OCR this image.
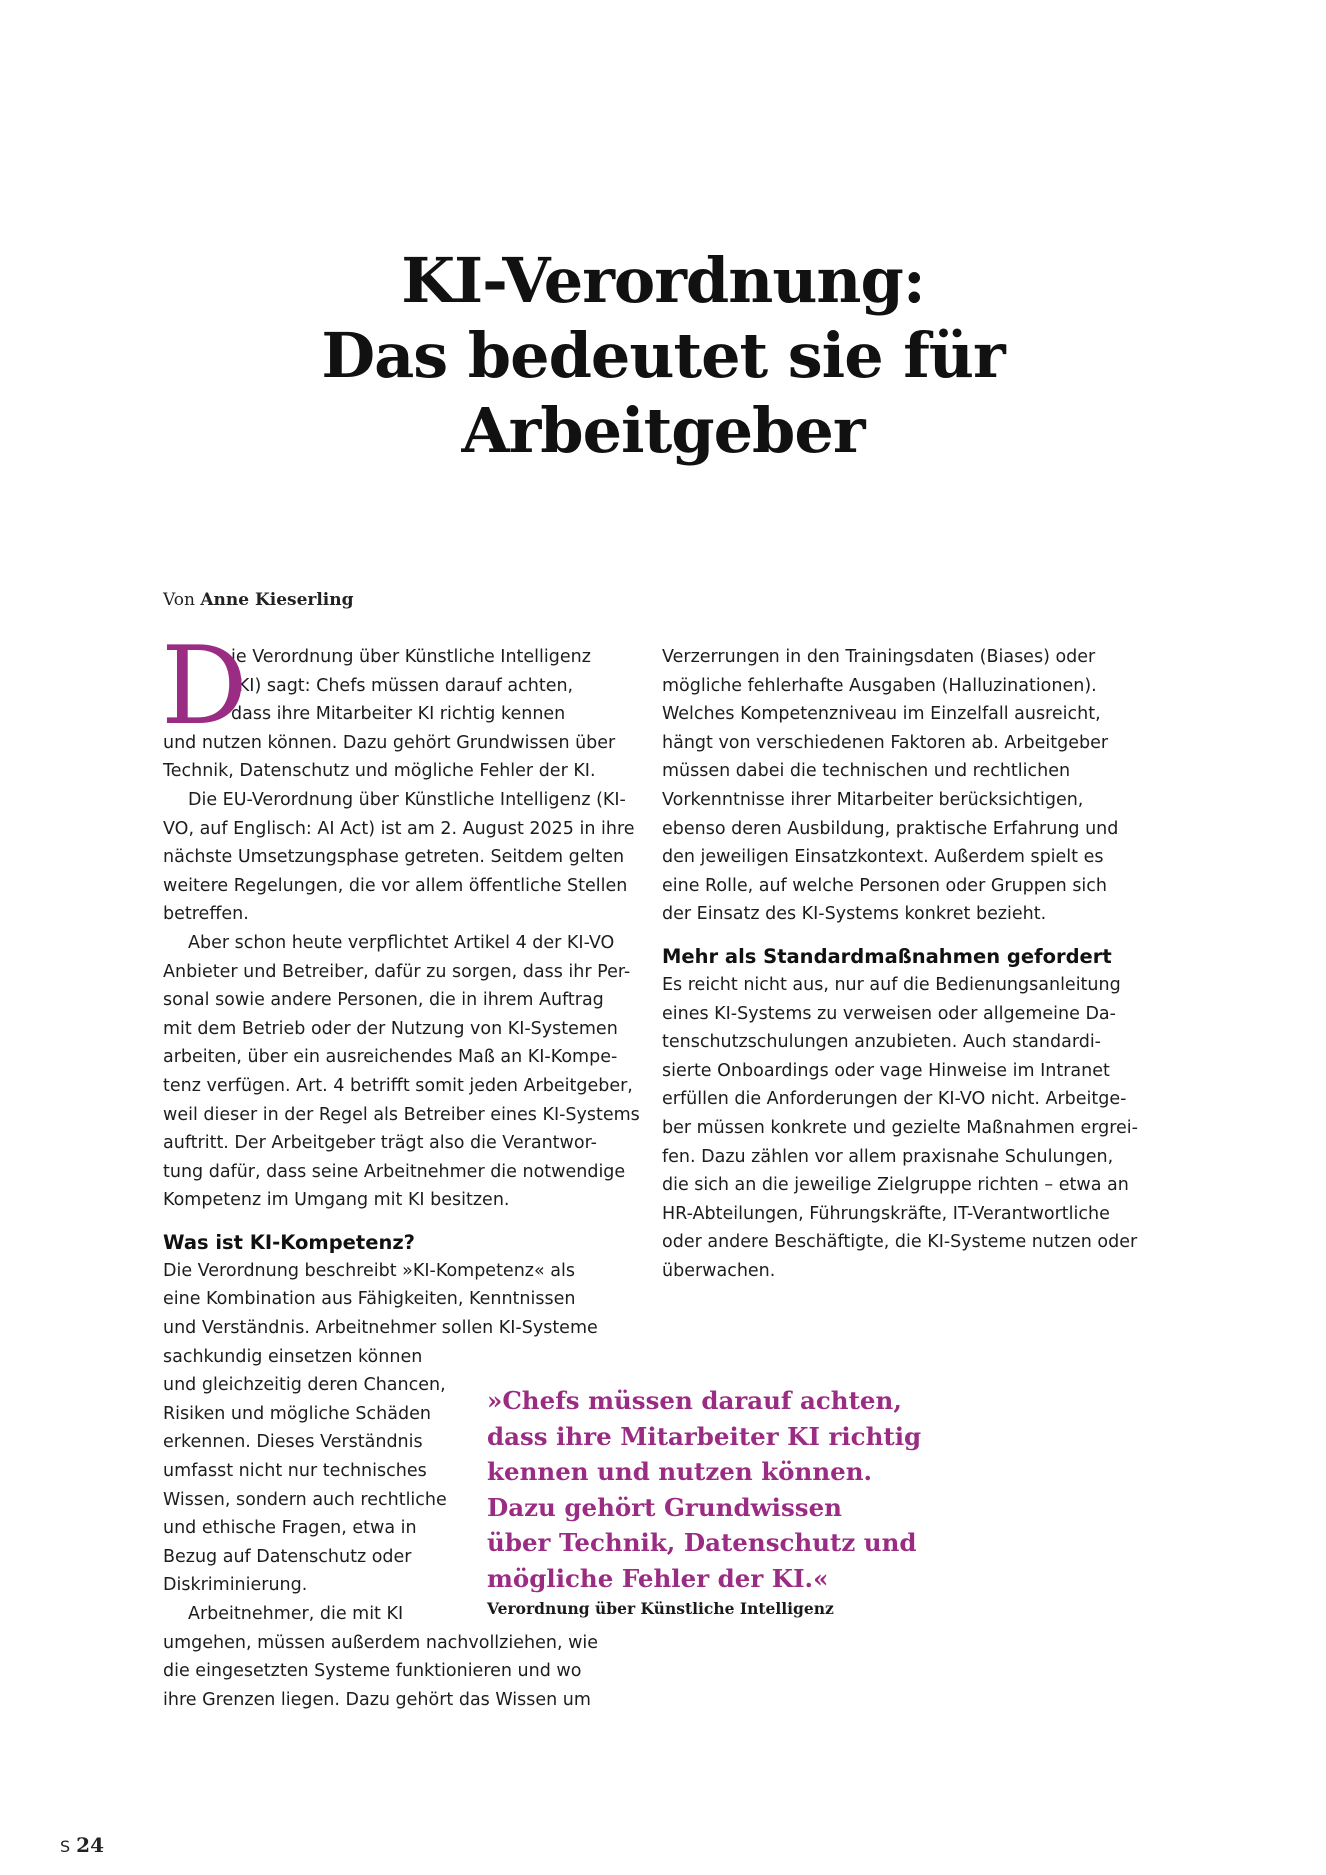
KI-Verordnung:
Das bedeutet sie für
Arbeitgeber
Von Anne Kieserling
D
ie Verordnung über Künstliche Intelligenz
(KI) sagt: Chefs müssen darauf achten,
dass ihre Mitarbeiter KI richtig kennen
und nutzen können. Dazu gehört Grundwissen über
Technik, Datenschutz und mögliche Fehler der KI.
Die EU-Verordnung über Künstliche Intelligenz (KI-
VO, auf Englisch: AI Act) ist am 2. August 2025 in ihre
nächste Umsetzungsphase getreten. Seitdem gelten
weitere Regelungen, die vor allem öffentliche Stellen
betreffen.
Aber schon heute verpflichtet Artikel 4 der KI-VO
Anbieter und Betreiber, dafür zu sorgen, dass ihr Per-
sonal sowie andere Personen, die in ihrem Auftrag
mit dem Betrieb oder der Nutzung von KI-Systemen
arbeiten, über ein ausreichendes Maß an KI-Kompe-
tenz verfügen. Art. 4 betrifft somit jeden Arbeitgeber,
weil dieser in der Regel als Betreiber eines KI-Systems
auftritt. Der Arbeitgeber trägt also die Verantwor-
tung dafür, dass seine Arbeitnehmer die notwendige
Kompetenz im Umgang mit KI besitzen.
Was ist KI-Kompetenz?
Die Verordnung beschreibt »KI-Kompetenz« als
eine Kombination aus Fähigkeiten, Kenntnissen
und Verständnis. Arbeitnehmer sollen KI-Systeme
sachkundig einsetzen können
und gleichzeitig deren Chancen,
Risiken und mögliche Schäden
erkennen. Dieses Verständnis
umfasst nicht nur technisches
Wissen, sondern auch rechtliche
und ethische Fragen, etwa in
Bezug auf Datenschutz oder
Diskriminierung.
Arbeitnehmer, die mit KI
umgehen, müssen außerdem nachvollziehen, wie
die eingesetzten Systeme funktionieren und wo
ihre Grenzen liegen. Dazu gehört das Wissen um
Verzerrungen in den Trainingsdaten (Biases) oder
mögliche fehlerhafte Ausgaben (Halluzinationen).
Welches Kompetenzniveau im Einzelfall ausreicht,
hängt von verschiedenen Faktoren ab. Arbeitgeber
müssen dabei die technischen und rechtlichen
Vorkenntnisse ihrer Mitarbeiter berücksichtigen,
ebenso deren Ausbildung, praktische Erfahrung und
den jeweiligen Einsatzkontext. Außerdem spielt es
eine Rolle, auf welche Personen oder Gruppen sich
der Einsatz des KI-Systems konkret bezieht.
Mehr als Standardmaßnahmen gefordert
Es reicht nicht aus, nur auf die Bedienungsanleitung
eines KI-Systems zu verweisen oder allgemeine Da-
tenschutzschulungen anzubieten. Auch standardi-
sierte Onboardings oder vage Hinweise im Intranet
erfüllen die Anforderungen der KI-VO nicht. Arbeitge-
ber müssen konkrete und gezielte Maßnahmen ergrei-
fen. Dazu zählen vor allem praxisnahe Schulungen,
die sich an die jeweilige Zielgruppe richten – etwa an
HR-Abteilungen, Führungskräfte, IT-Verantwortliche
oder andere Beschäftigte, die KI-Systeme nutzen oder
überwachen.
»Chefs müssen darauf achten,
dass ihre Mitarbeiter KI richtig
kennen und nutzen können.
Dazu gehört Grundwissen
über Technik, Datenschutz und
mögliche Fehler der KI.«
Verordnung über Künstliche Intelligenz
S 24
